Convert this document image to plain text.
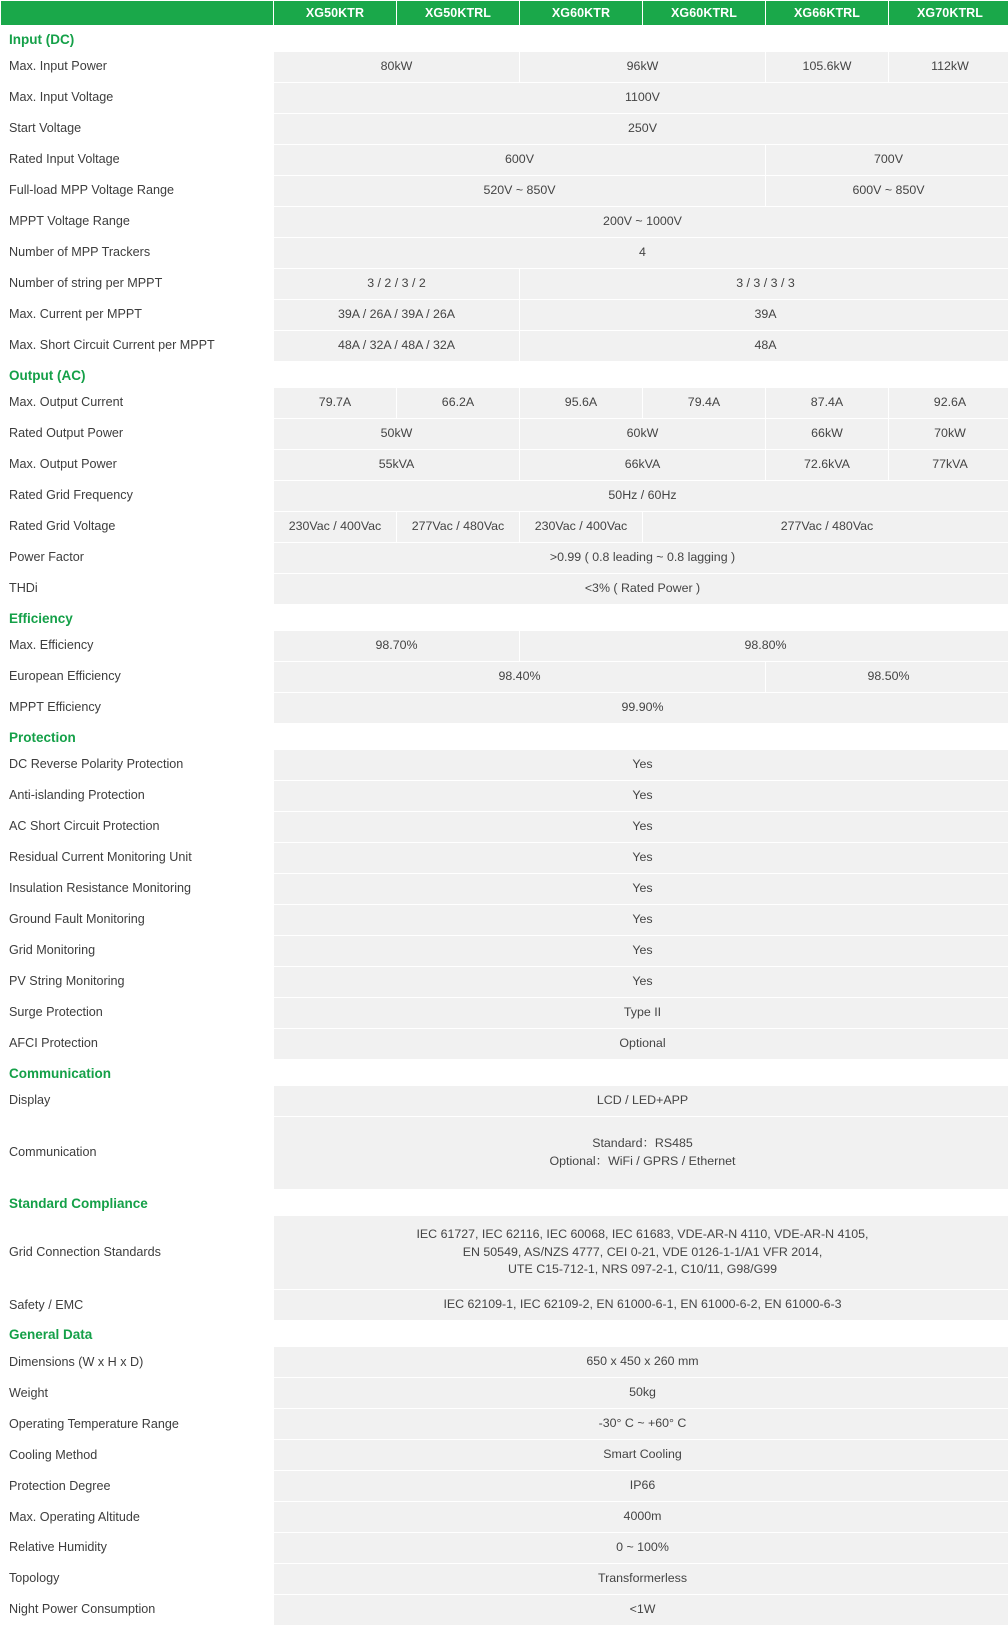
	XG50KTR	XG50KTRL	XG60KTR	XG60KTRL	XG66KTRL	XG70KTRL
Input (DC)						
Max. Input Power	80kW		96kW		105.6kW	112kW
Max. Input Voltage	1100V					
Start Voltage	250V					
Rated Input Voltage	600V				700V	
Full-load MPP Voltage Range	520V ~ 850V				600V ~ 850V	
MPPT Voltage Range	200V ~ 1000V					
Number of MPP Trackers	4					
Number of string per MPPT	3 / 2 / 3 / 2		3 / 3 / 3 / 3			
Max. Current per MPPT	39A / 26A / 39A / 26A		39A			
Max. Short Circuit Current per MPPT	48A / 32A / 48A / 32A		48A			
Output (AC)						
Max. Output Current	79.7A	66.2A	95.6A	79.4A	87.4A	92.6A
Rated Output Power	50kW		60kW		66kW	70kW
Max. Output Power	55kVA		66kVA		72.6kVA	77kVA
Rated Grid Frequency	50Hz / 60Hz					
Rated Grid Voltage	230Vac / 400Vac	277Vac / 480Vac	230Vac / 400Vac	277Vac / 480Vac		
Power Factor	>0.99 ( 0.8 leading ~ 0.8 lagging )					
THDi	<3% ( Rated Power )					
Efficiency						
Max. Efficiency	98.70%		98.80%			
European Efficiency	98.40%				98.50%	
MPPT Efficiency	99.90%					
Protection						
DC Reverse Polarity Protection	Yes					
Anti-islanding Protection	Yes					
AC Short Circuit Protection	Yes					
Residual Current Monitoring Unit	Yes					
Insulation Resistance Monitoring	Yes					
Ground Fault Monitoring	Yes					
Grid Monitoring	Yes					
PV String Monitoring	Yes					
Surge Protection	Type II					
AFCI Protection	Optional					
Communication						
Display	LCD / LED+APP					
Communication	Standard：RS485
Optional：WiFi / GPRS / Ethernet					
Standard Compliance						
Grid Connection Standards	IEC 61727, IEC 62116, IEC 60068, IEC 61683, VDE-AR-N 4110, VDE-AR-N 4105,
EN 50549, AS/NZS 4777, CEI 0-21, VDE 0126-1-1/A1 VFR 2014,
UTE C15-712-1, NRS 097-2-1, C10/11, G98/G99					
Safety / EMC	IEC 62109-1, IEC 62109-2, EN 61000-6-1, EN 61000-6-2, EN 61000-6-3					
General Data						
Dimensions (W x H x D)	650 x 450 x 260 mm					
Weight	50kg					
Operating Temperature Range	-30° C ~ +60° C					
Cooling Method	Smart Cooling					
Protection Degree	IP66					
Max. Operating Altitude	4000m					
Relative Humidity	0 ~ 100%					
Topology	Transformerless					
Night Power Consumption	<1W					
